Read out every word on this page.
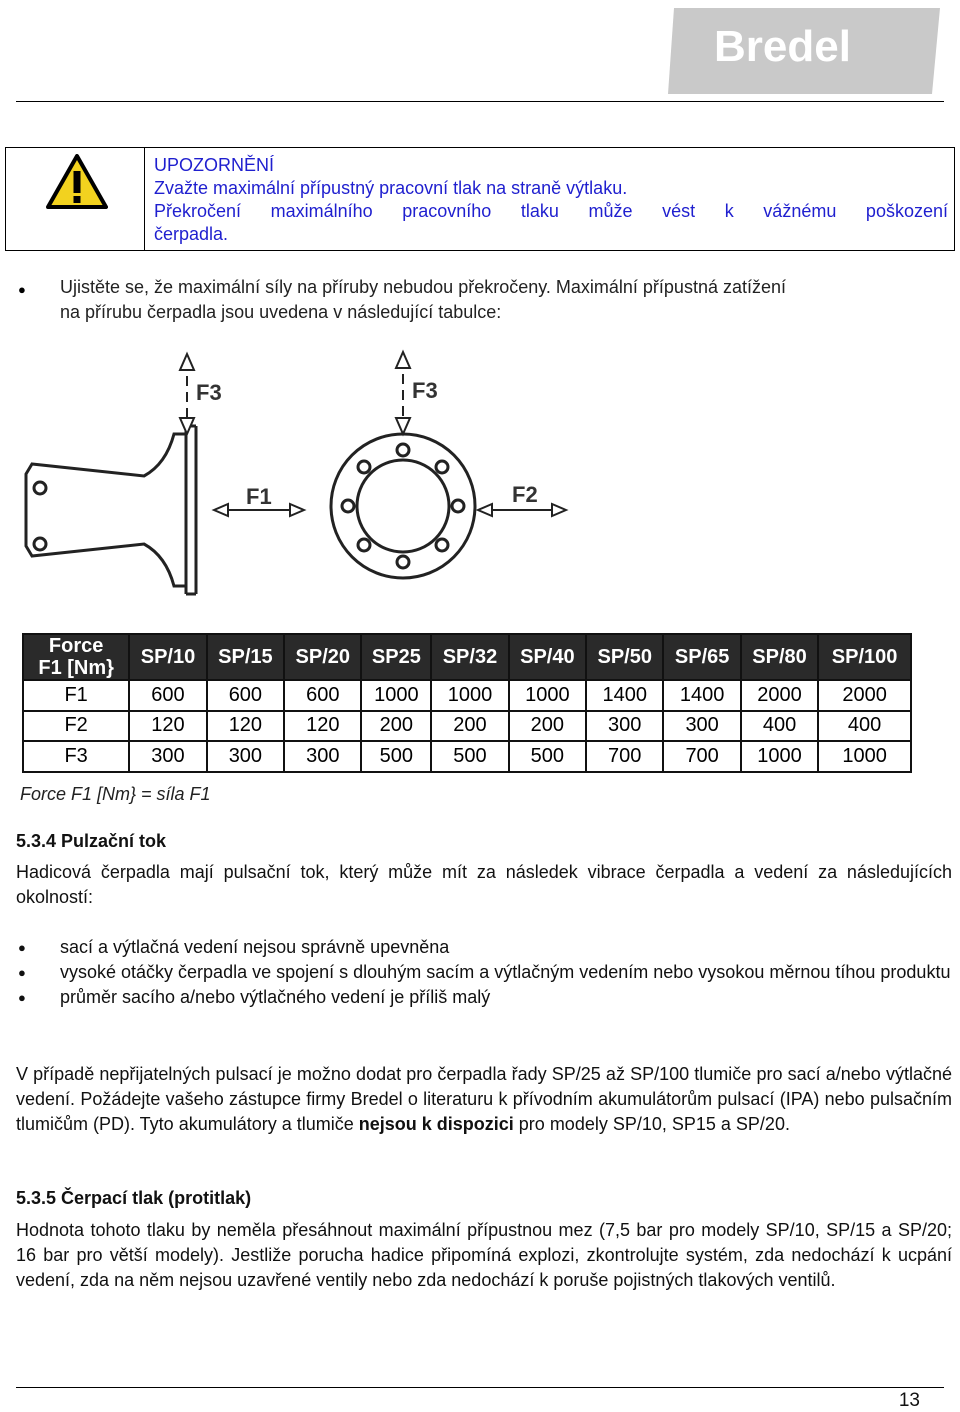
Bredel
UPOZORNĚNÍ
Zvažte maximální přípustný pracovní tlak na straně výtlaku.
Překročení maximálního pracovního tlaku může vést k vážnému poškození
čerpadla.
● Ujistěte se, že maximální síly na příruby nebudou překročeny. Maximální přípustná zatížení
na přírubu čerpadla jsou uvedena v následující tabulce:
F3	F3
F1	F2
Force
F1 [Nm}	SP/10	SP/15	SP/20	SP25	SP/32	SP/40	SP/50	SP/65	SP/80	SP/100
F1	600	600	600	1000	1000	1000	1400	1400	2000	2000
F2	120	120	120	200	200	200	300	300	400	400
F3	300	300	300	500	500	500	700	700	1000	1000
Force F1 [Nm} = síla F1
5.3.4 Pulzační tok
Hadicová čerpadla mají pulsační tok, který může mít za následek vibrace čerpadla a vedení za následujících okolností:
● sací a výtlačná vedení nejsou správně upevněna
● vysoké otáčky čerpadla ve spojení s dlouhým sacím a výtlačným vedením nebo vysokou měrnou tíhou produktu
● průměr sacího a/nebo výtlačného vedení je příliš malý
V případě nepřijatelných pulsací je možno dodat pro čerpadla řady SP/25 až SP/100 tlumiče pro sací a/nebo výtlačné vedení. Požádejte vašeho zástupce firmy Bredel o literaturu k přívodním akumulátorům pulsací (IPA) nebo pulsačním tlumičům (PD). Tyto akumulátory a tlumiče nejsou k dispozici pro modely SP/10, SP15 a SP/20.
5.3.5 Čerpací tlak (protitlak)
Hodnota tohoto tlaku by neměla přesáhnout maximální přípustnou mez (7,5 bar pro modely SP/10, SP/15 a SP/20; 16 bar pro větší modely). Jestliže porucha hadice připomíná explozi, zkontrolujte systém, zda nedochází k ucpání vedení, zda na něm nejsou uzavřené ventily nebo zda nedochází k poruše pojistných tlakových ventilů.
13
